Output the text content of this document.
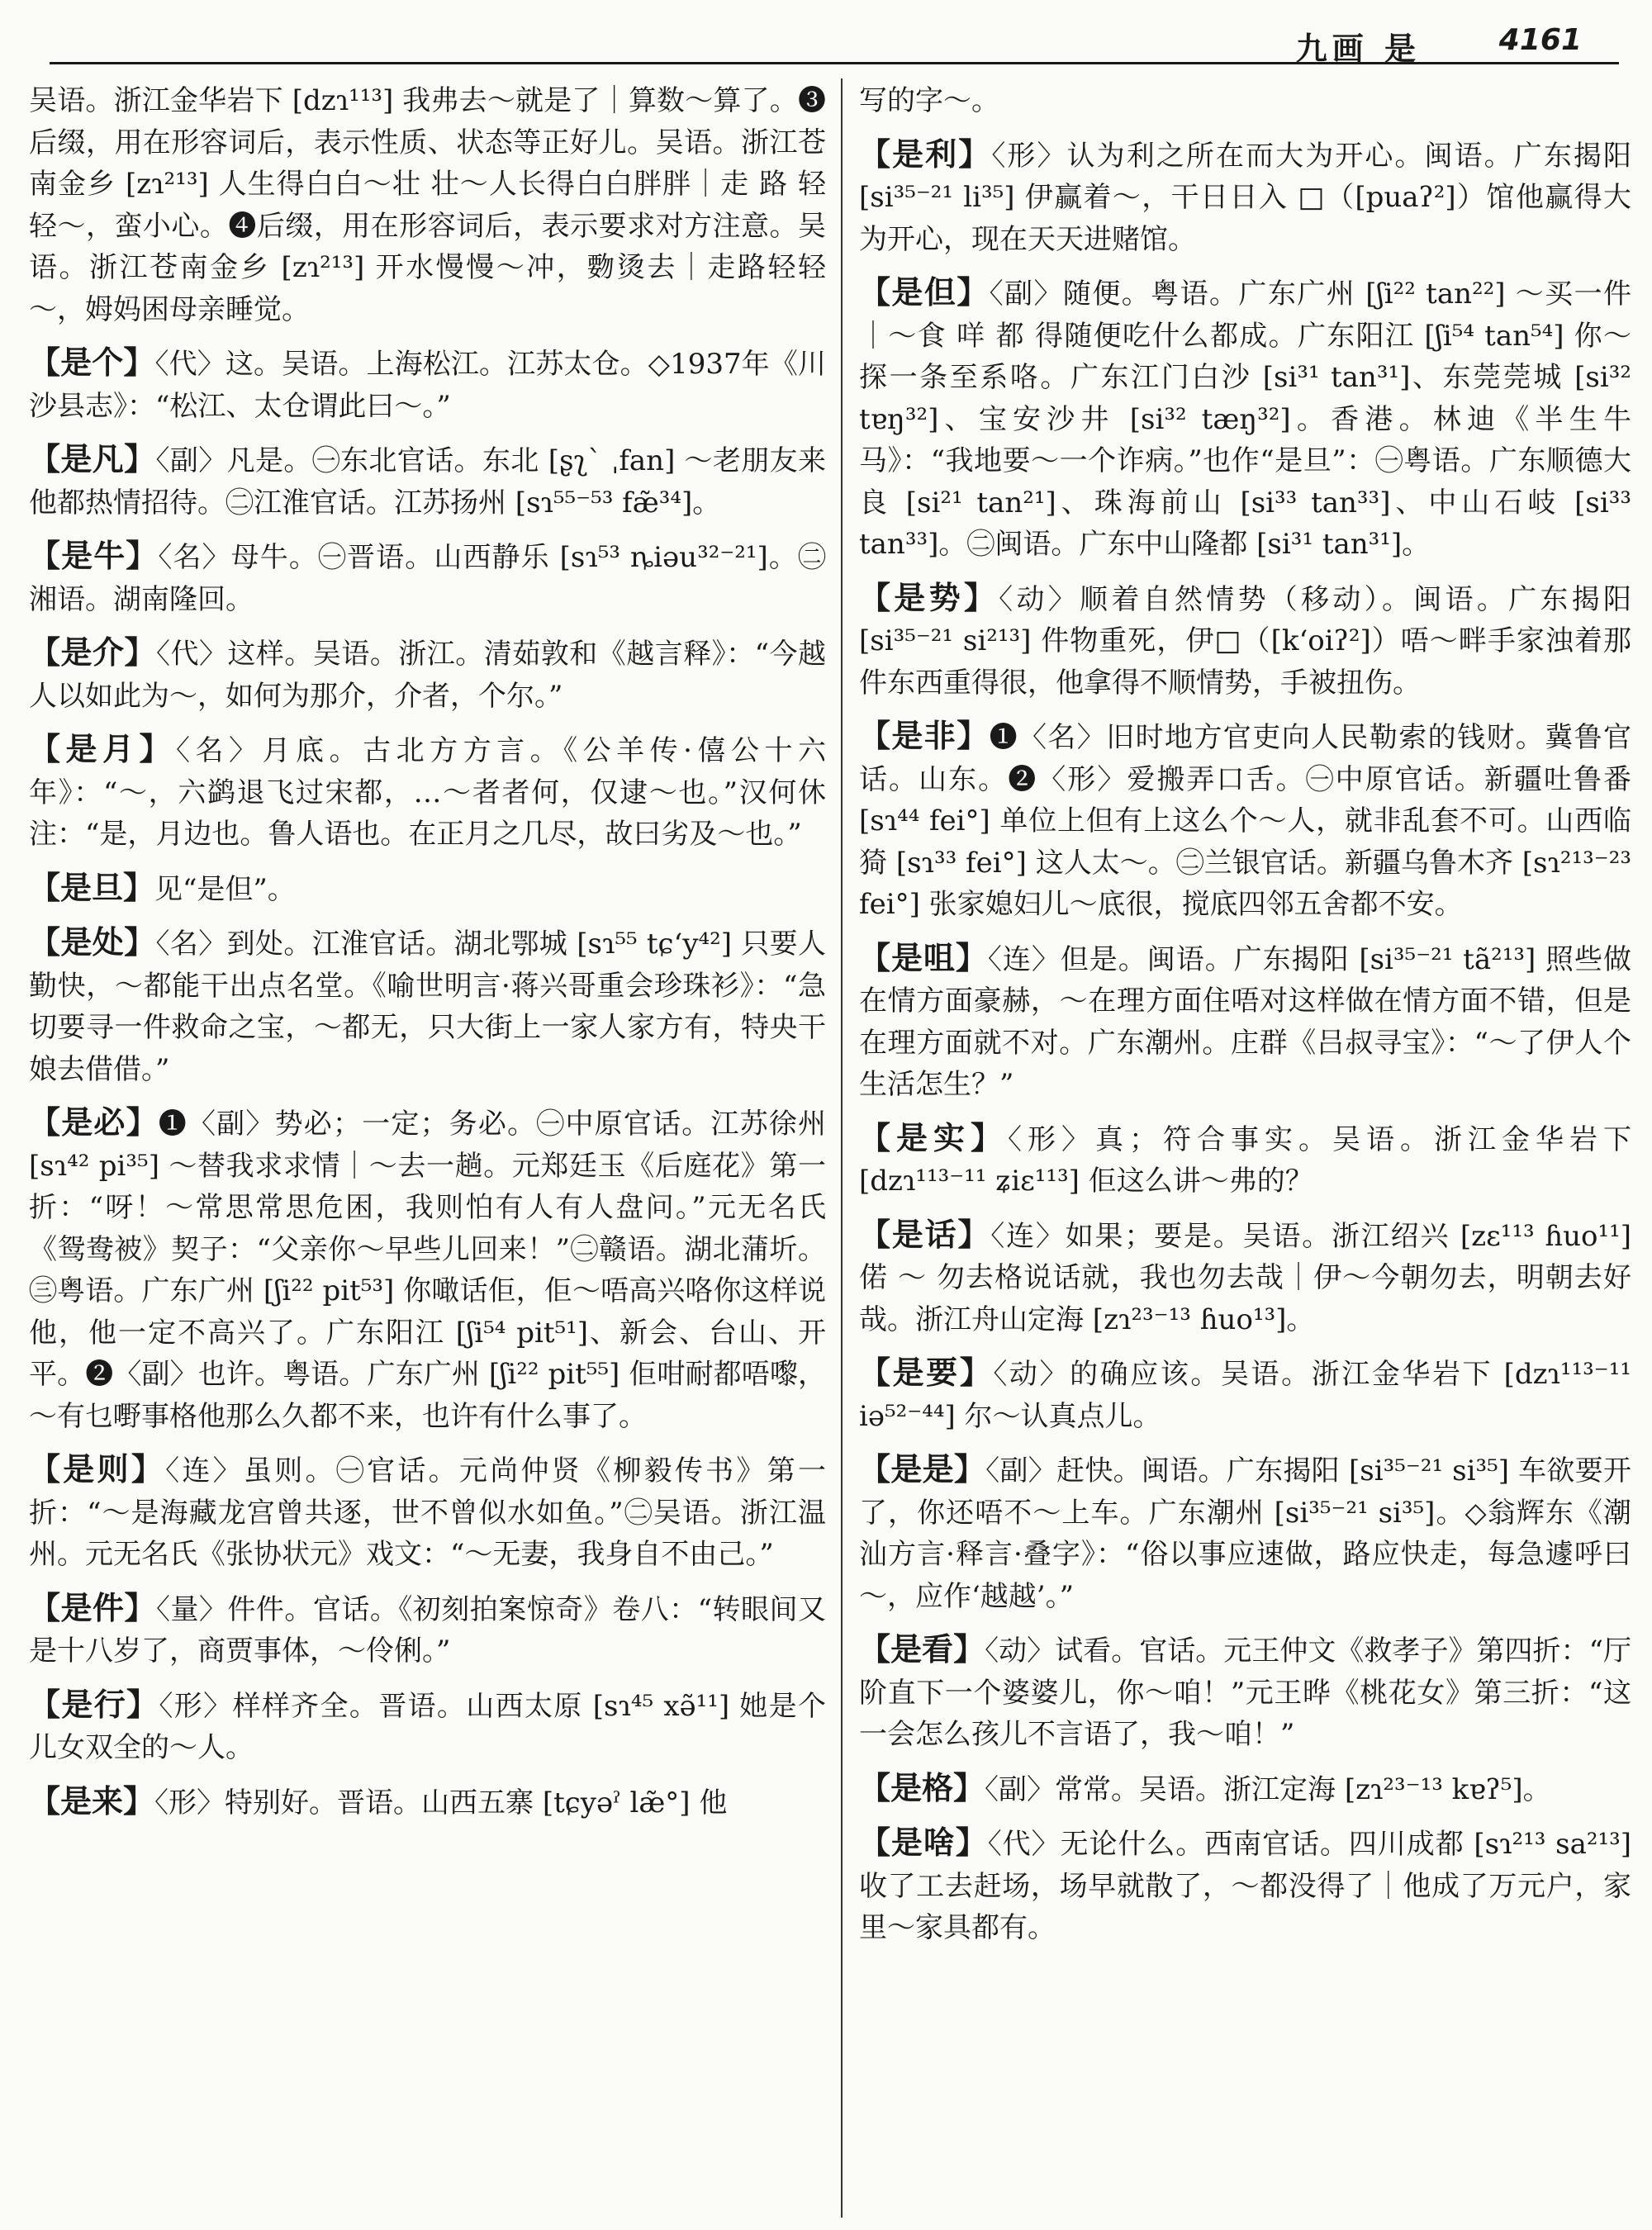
九画 是	4161

吴语。浙江金华岩下 [dzɿ¹¹³] 我弗去～就是了｜算数～算了。❸后缀，用在形容词后，表示性质、状态等正好儿。吴语。浙江苍南金乡 [zɿ²¹³] 人生得白白～壮 壮～人长得白白胖胖｜走 路 轻 轻～，蛮小心。❹后缀，用在形容词后，表示要求对方注意。吴语。浙江苍南金乡 [zɿ²¹³] 开水慢慢～冲，覅烫去｜走路轻轻～，姆妈困母亲睡觉。

【是个】〈代〉这。吴语。上海松江。江苏太仓。◇1937年《川沙县志》：“松江、太仓谓此曰～。”

【是凡】〈副〉凡是。㊀东北官话。东北 [ʂʅˋ ˌfan] ～老朋友来他都热情招待。㊁江淮官话。江苏扬州 [sɿ⁵⁵⁻⁵³ fæ̃³⁴]。

【是牛】〈名〉母牛。㊀晋语。山西静乐 [sɿ⁵³ ȵiəu³²⁻²¹]。㊁湘语。湖南隆回。

【是介】〈代〉这样。吴语。浙江。清茹敦和《越言释》：“今越人以如此为～，如何为那介，介者，个尔。”

【是月】〈名〉月底。古北方方言。《公羊传·僖公十六年》：“～，六鹢退飞过宋都，…～者者何，仅逮～也。”汉何休注：“是，月边也。鲁人语也。在正月之几尽，故曰劣及～也。”

【是旦】见“是但”。

【是处】〈名〉到处。江淮官话。湖北鄂城 [sɿ⁵⁵ tɕʻy⁴²] 只要人勤快，～都能干出点名堂。《喻世明言·蒋兴哥重会珍珠衫》：“急切要寻一件救命之宝，～都无，只大街上一家人家方有，特央干娘去借借。”

【是必】❶〈副〉势必；一定；务必。㊀中原官话。江苏徐州 [sɿ⁴² pi³⁵] ～替我求求情｜～去一趟。元郑廷玉《后庭花》第一折：“呀！～常思常思危困，我则怕有人有人盘问。”元无名氏《鸳鸯被》契子：“父亲你～早些儿回来！”㊁赣语。湖北蒲圻。㊂粤语。广东广州 [ʃi²² pit⁵³] 你噉话佢，佢～唔高兴咯你这样说他，他一定不高兴了。广东阳江 [ʃi⁵⁴ pit⁵¹]、新会、台山、开平。❷〈副〉也许。粤语。广东广州 [ʃi²² pit⁵⁵] 佢咁耐都唔嚟，～有乜嘢事格他那么久都不来，也许有什么事了。

【是则】〈连〉虽则。㊀官话。元尚仲贤《柳毅传书》第一折：“～是海藏龙宫曾共逐，世不曾似水如鱼。”㊁吴语。浙江温州。元无名氏《张协状元》戏文：“～无妻，我身自不由己。”

【是件】〈量〉件件。官话。《初刻拍案惊奇》卷八：“转眼间又是十八岁了，商贾事体，～伶俐。”

【是行】〈形〉样样齐全。晋语。山西太原 [sɿ⁴⁵ xə̃¹¹] 她是个儿女双全的～人。

【是来】〈形〉特别好。晋语。山西五寨 [tɕyəˀ læ̃°] 他

写的字～。

【是利】〈形〉认为利之所在而大为开心。闽语。广东揭阳 [si³⁵⁻²¹ li³⁵] 伊赢着～，干日日入 □（[puaʔ²]）馆他赢得大为开心，现在天天进赌馆。

【是但】〈副〉随便。粤语。广东广州 [ʃi²² tan²²] ～买一件｜～食 咩 都 得随便吃什么都成。广东阳江 [ʃi⁵⁴ tan⁵⁴] 你～探一条至系咯。广东江门白沙 [si³¹ tan³¹]、东莞莞城 [si³² tɐŋ³²]、宝安沙井 [si³² tæŋ³²]。香港。林迪《半生牛马》：“我地要～一个诈病。”也作“是旦”：㊀粤语。广东顺德大良 [si²¹ tan²¹]、珠海前山 [si³³ tan³³]、中山石岐 [si³³ tan³³]。㊁闽语。广东中山隆都 [si³¹ tan³¹]。

【是势】〈动〉顺着自然情势（移动）。闽语。广东揭阳 [si³⁵⁻²¹ si²¹³] 件物重死，伊□（[kʻoiʔ²]）唔～畔手家浊着那件东西重得很，他拿得不顺情势，手被扭伤。

【是非】❶〈名〉旧时地方官吏向人民勒索的钱财。冀鲁官话。山东。❷〈形〉爱搬弄口舌。㊀中原官话。新疆吐鲁番 [sɿ⁴⁴ fei°] 单位上但有上这么个～人，就非乱套不可。山西临猗 [sɿ³³ fei°] 这人太～。㊁兰银官话。新疆乌鲁木齐 [sɿ²¹³⁻²³ fei°] 张家媳妇儿～底很，搅底四邻五舍都不安。

【是咀】〈连〉但是。闽语。广东揭阳 [si³⁵⁻²¹ tã²¹³] 照些做在情方面豪赫，～在理方面住唔对这样做在情方面不错，但是在理方面就不对。广东潮州。庄群《吕叔寻宝》：“～了伊人个生活怎生？”

【是实】〈形〉真；符合事实。吴语。浙江金华岩下 [dzɿ¹¹³⁻¹¹ ʑiɛ¹¹³] 佢这么讲～弗的？

【是话】〈连〉如果；要是。吴语。浙江绍兴 [zɛ¹¹³ ɦuo¹¹] 偌 ～ 勿去格说话就，我也勿去哉｜伊～今朝勿去，明朝去好哉。浙江舟山定海 [zɿ²³⁻¹³ ɦuo¹³]。

【是要】〈动〉的确应该。吴语。浙江金华岩下 [dzɿ¹¹³⁻¹¹ iə⁵²⁻⁴⁴] 尔～认真点儿。

【是是】〈副〉赶快。闽语。广东揭阳 [si³⁵⁻²¹ si³⁵] 车欲要开了，你还唔不～上车。广东潮州 [si³⁵⁻²¹ si³⁵]。◇翁辉东《潮汕方言·释言·叠字》：“俗以事应速做，路应快走，每急遽呼曰～，应作‘越越’。”

【是看】〈动〉试看。官话。元王仲文《救孝子》第四折：“厅阶直下一个婆婆儿，你～咱！”元王晔《桃花女》第三折：“这一会怎么孩儿不言语了，我～咱！”

【是格】〈副〉常常。吴语。浙江定海 [zɿ²³⁻¹³ kɐʔ⁵]。

【是啥】〈代〉无论什么。西南官话。四川成都 [sɿ²¹³ sa²¹³] 收了工去赶场，场早就散了，～都没得了｜他成了万元户，家里～家具都有。
